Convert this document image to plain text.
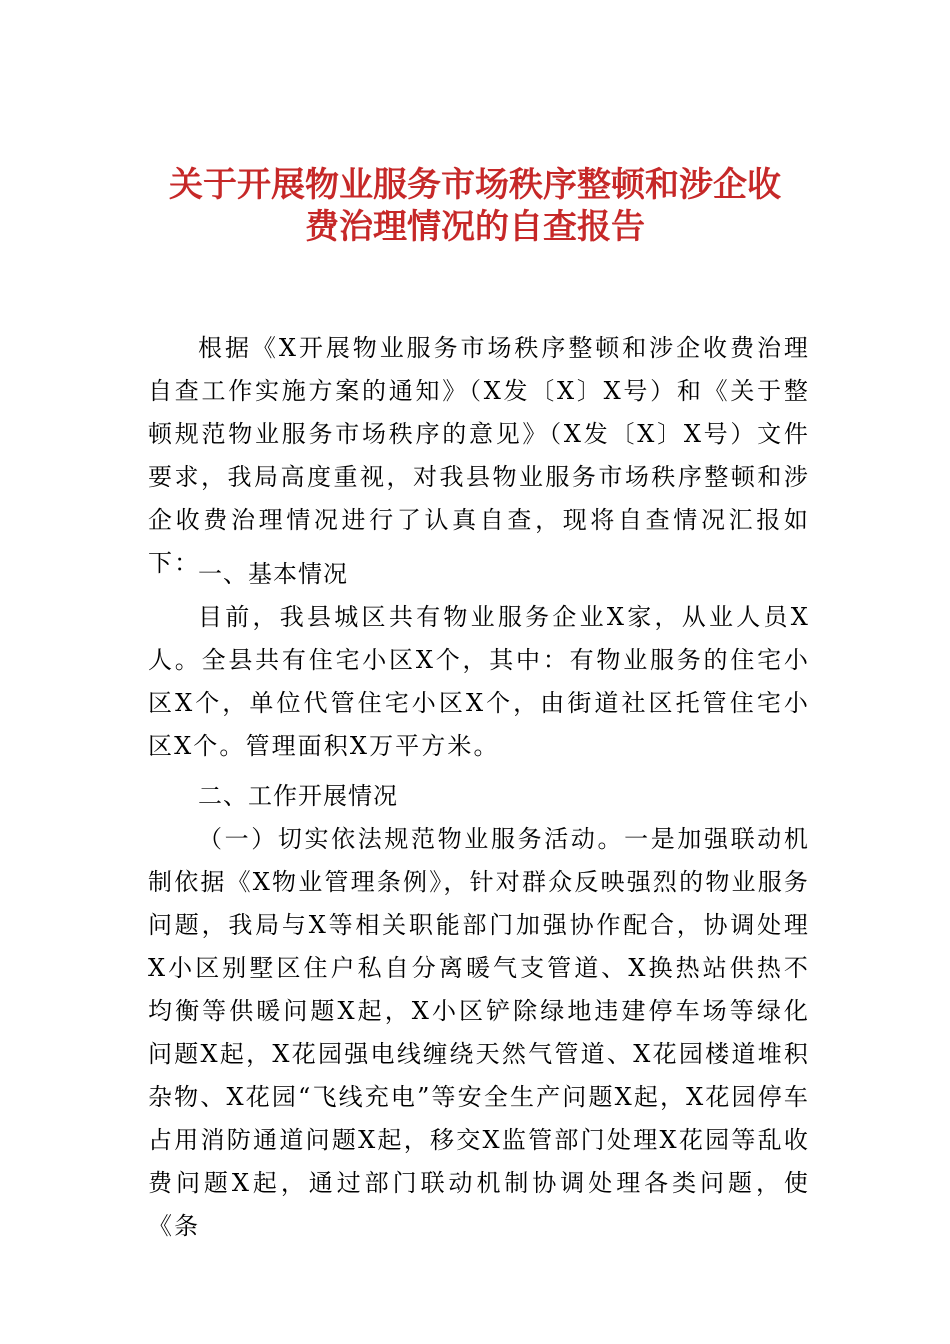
关于开展物业服务市场秩序整顿和涉企收
费治理情况的自查报告

根据《X开展物业服务市场秩序整顿和涉企收费治理自查工作实施方案的通知》（X发〔X〕X号）和《关于整顿规范物业服务市场秩序的意见》（X发〔X〕X号）文件要求，我局高度重视，对我县物业服务市场秩序整顿和涉企收费治理情况进行了认真自查，现将自查情况汇报如下：

一、基本情况

目前，我县城区共有物业服务企业X家，从业人员X人。全县共有住宅小区X个，其中：有物业服务的住宅小区X个，单位代管住宅小区X个，由街道社区托管住宅小区X个。管理面积X万平方米。

二、工作开展情况

（一）切实依法规范物业服务活动。一是加强联动机制依据《X物业管理条例》，针对群众反映强烈的物业服务问题，我局与X等相关职能部门加强协作配合，协调处理X小区别墅区住户私自分离暖气支管道、X换热站供热不均衡等供暖问题X起，X小区铲除绿地违建停车场等绿化问题X起，X花园强电线缠绕天然气管道、X花园楼道堆积杂物、X花园“飞线充电”等安全生产问题X起，X花园停车占用消防通道问题X起，移交X监管部门处理X花园等乱收费问题X起，通过部门联动机制协调处理各类问题，使《条
